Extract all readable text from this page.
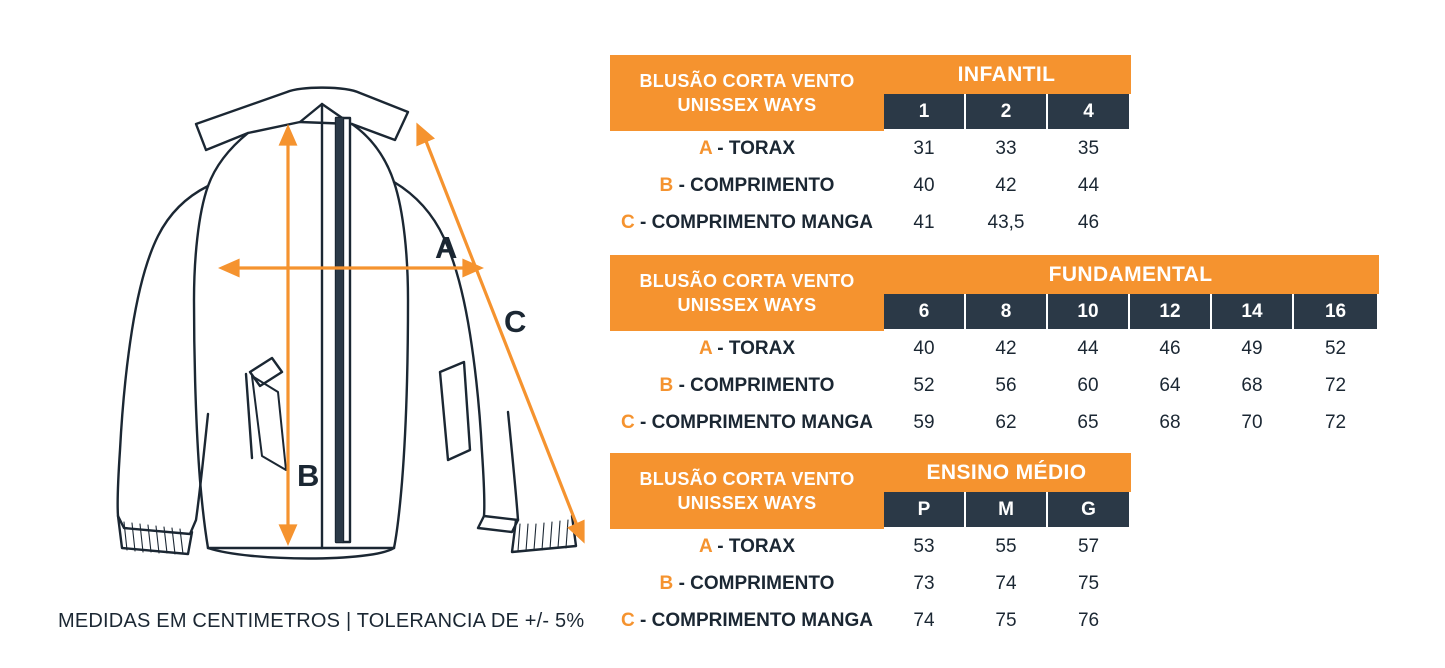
A
B
C
MEDIDAS EM CENTIMETROS | TOLERANCIA DE +/- 5%
BLUSÃO CORTA VENTO
UNISSEX WAYS	INFANTIL		
	1	2	4
A - TORAX	31	33	35
B - COMPRIMENTO	40	42	44
C - COMPRIMENTO MANGA	41	43,5	46
BLUSÃO CORTA VENTO
UNISSEX WAYS	FUNDAMENTAL					
	6	8	10	12	14	16
A - TORAX	40	42	44	46	49	52
B - COMPRIMENTO	52	56	60	64	68	72
C - COMPRIMENTO MANGA	59	62	65	68	70	72
BLUSÃO CORTA VENTO
UNISSEX WAYS	ENSINO MÉDIO		
	P	M	G
A - TORAX	53	55	57
B - COMPRIMENTO	73	74	75
C - COMPRIMENTO MANGA	74	75	76
